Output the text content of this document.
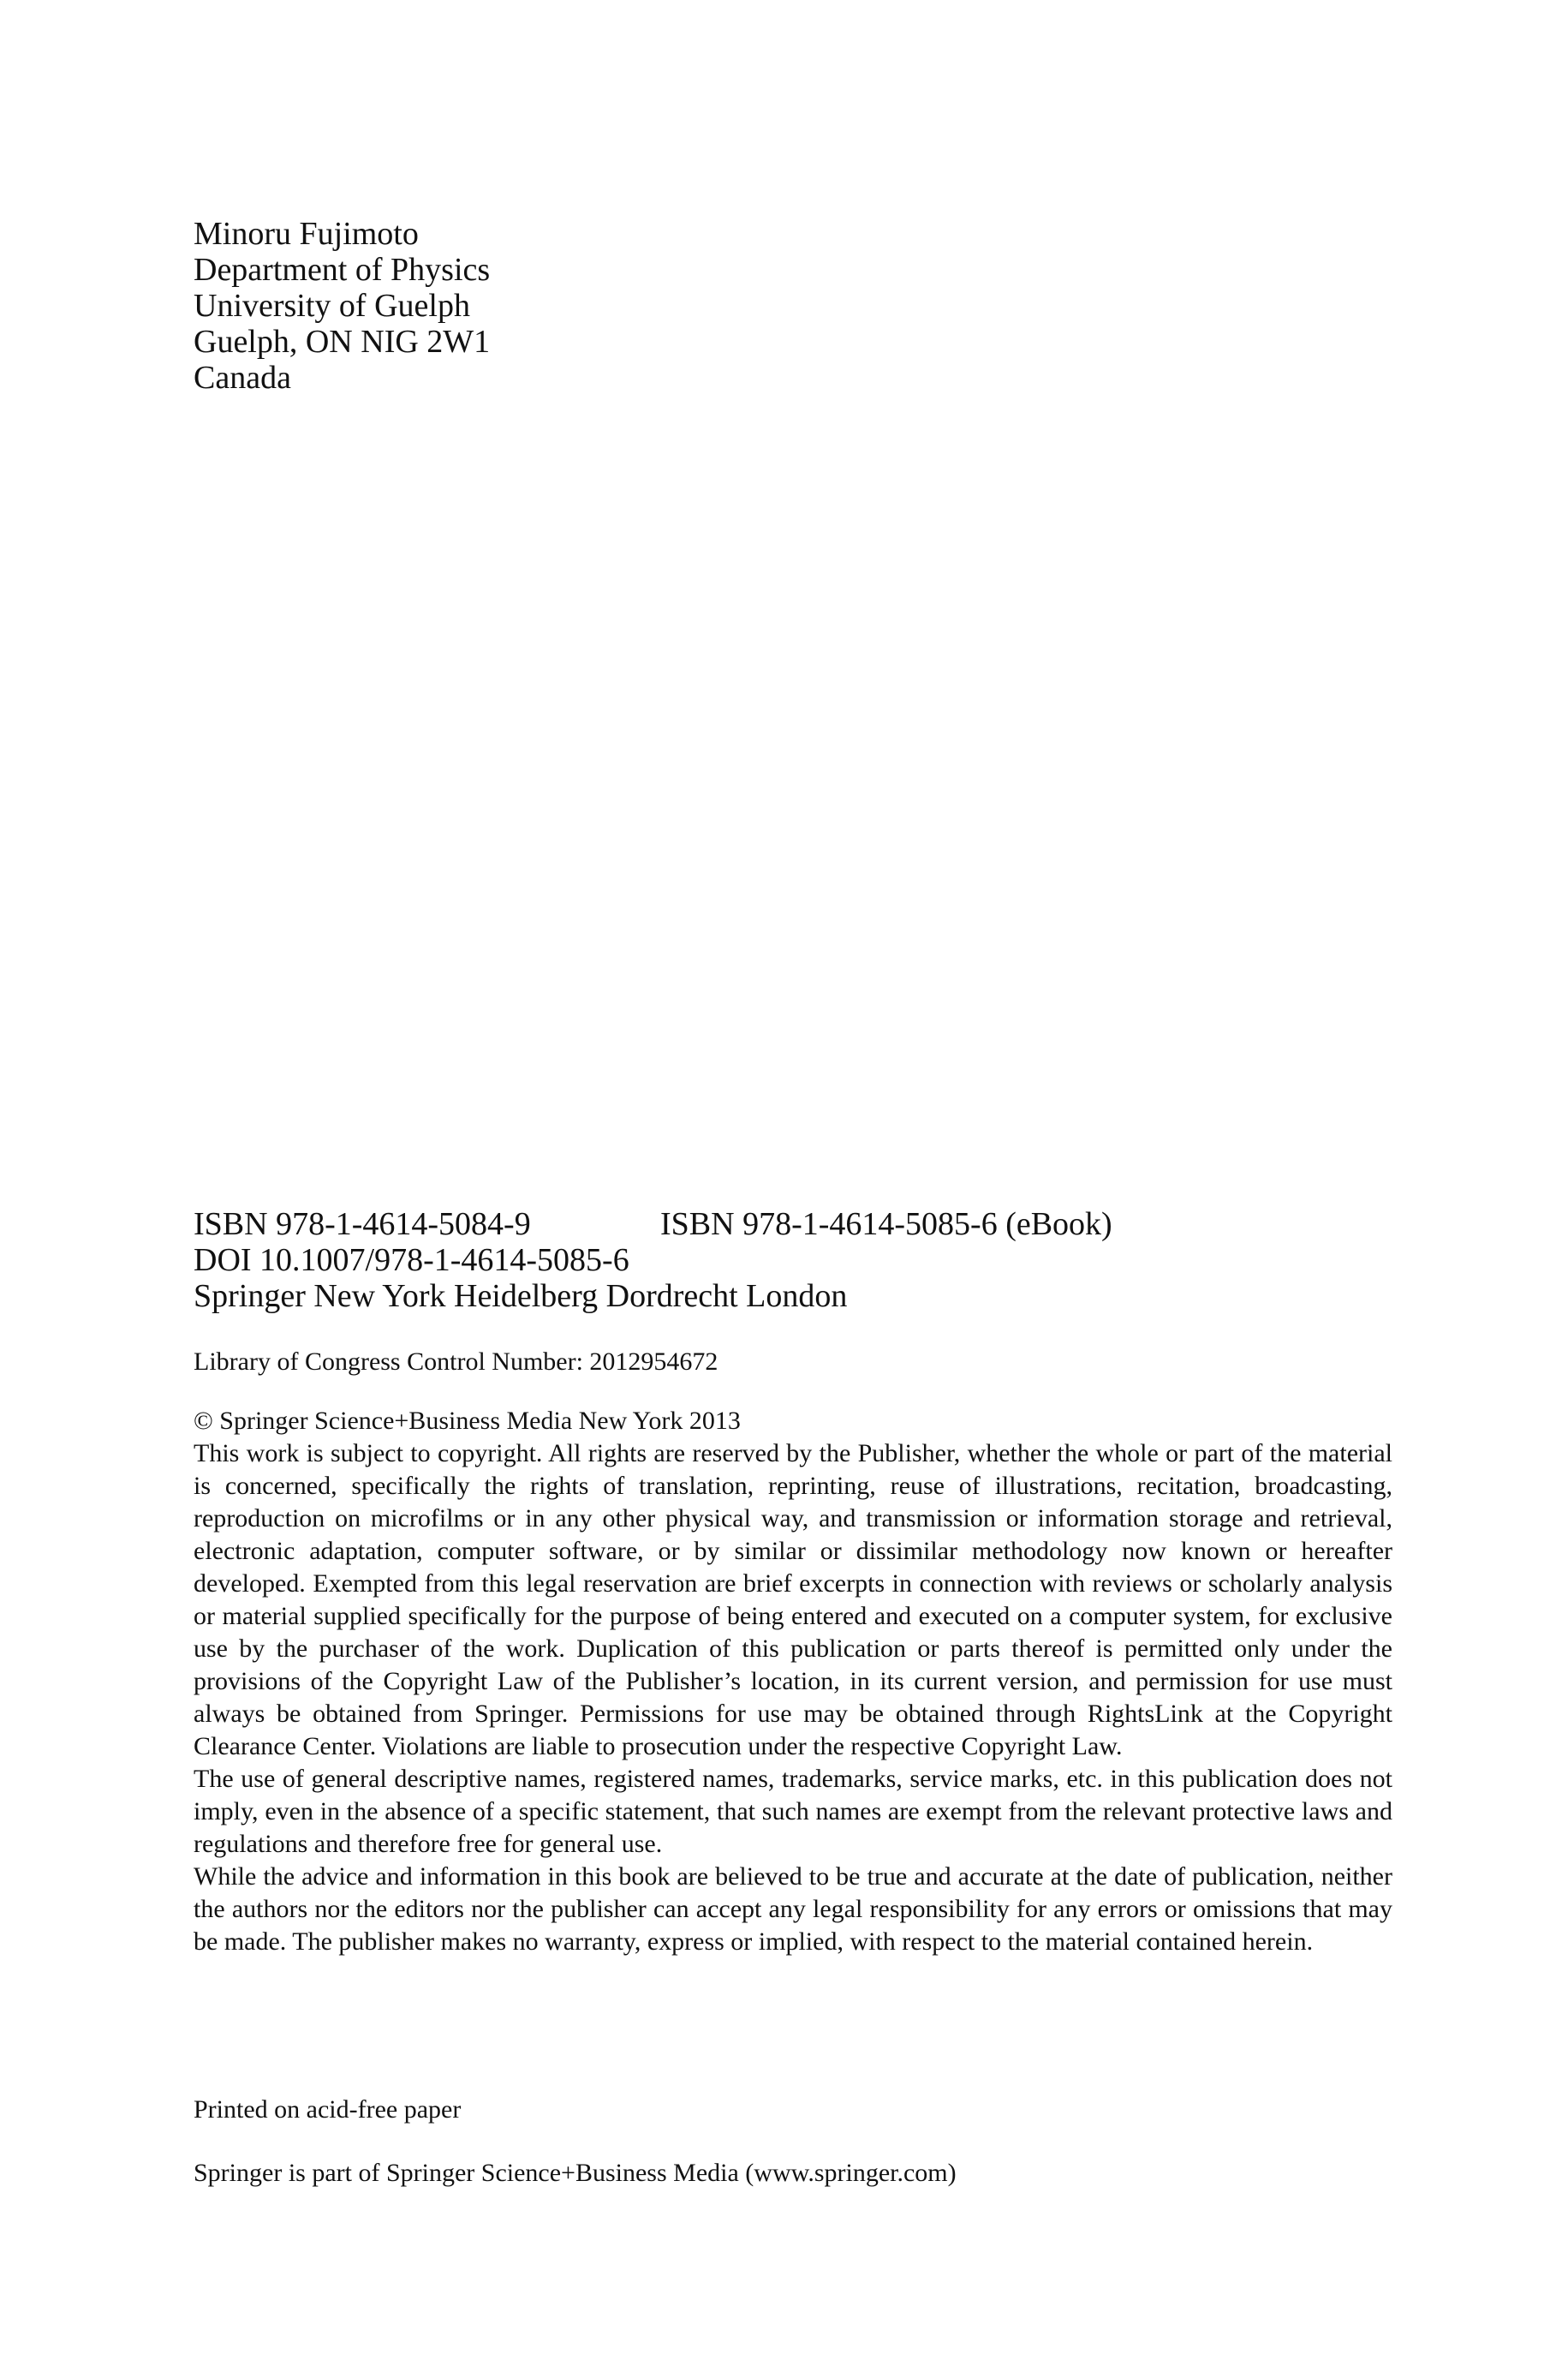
Minoru Fujimoto
Department of Physics
University of Guelph
Guelph, ON NIG 2W1
Canada
ISBN 978-1-4614-5084-9	ISBN 978-1-4614-5085-6 (eBook)
DOI 10.1007/978-1-4614-5085-6
Springer New York Heidelberg Dordrecht London
Library of Congress Control Number: 2012954672
© Springer Science+Business Media New York 2013

This work is subject to copyright. All rights are reserved by the Publisher, whether the whole or part of the material is concerned, specifically the rights of translation, reprinting, reuse of illustrations, recitation, broadcasting, reproduction on microfilms or in any other physical way, and transmission or information storage and retrieval, electronic adaptation, computer software, or by similar or dissimilar methodology now known or hereafter developed. Exempted from this legal reservation are brief excerpts in connection with reviews or scholarly analysis or material supplied specifically for the purpose of being entered and executed on a computer system, for exclusive use by the purchaser of the work. Duplication of this publication or parts thereof is permitted only under the provisions of the Copyright Law of the Publisher’s location, in its current version, and permission for use must always be obtained from Springer. Permissions for use may be obtained through RightsLink at the Copyright Clearance Center. Violations are liable to prosecution under the respective Copyright Law.

The use of general descriptive names, registered names, trademarks, service marks, etc. in this publication does not imply, even in the absence of a specific statement, that such names are exempt from the relevant protective laws and regulations and therefore free for general use.

While the advice and information in this book are believed to be true and accurate at the date of publication, neither the authors nor the editors nor the publisher can accept any legal responsibility for any errors or omissions that may be made. The publisher makes no warranty, express or implied, with respect to the material contained herein.

Printed on acid-free paper
Springer is part of Springer Science+Business Media (www.springer.com)
